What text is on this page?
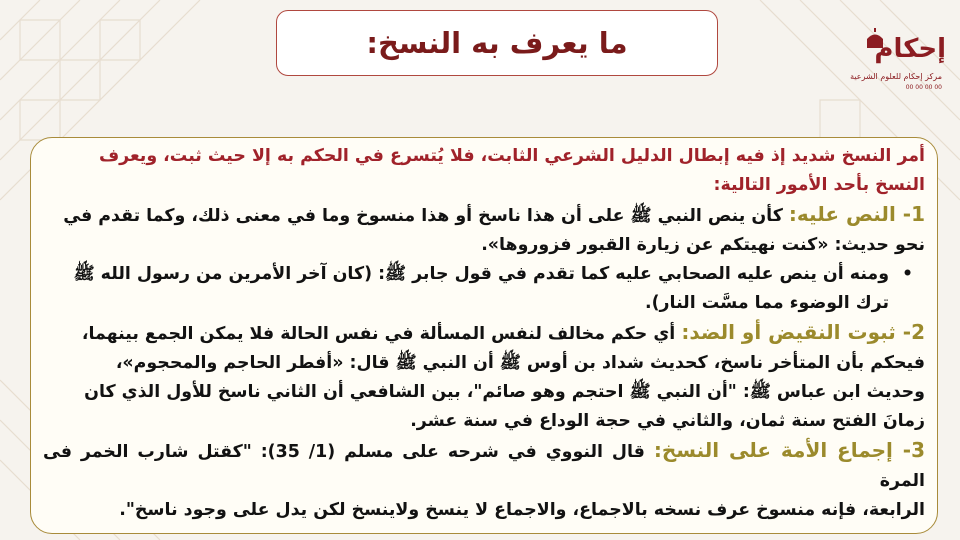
ما يعرف به النسخ:	إحكام
مركز إحكام للعلوم الشرعية
00 00 00 00
أمر النسخ شديد إذ فيه إبطال الدليل الشرعي الثابت، فلا يُتسرع في الحكم به إلا حيث ثبت، ويعرف
النسخ بأحد الأمور التالية:
1- النص عليه: كأن ينص النبي ﷺ على أن هذا ناسخ أو هذا منسوخ وما في معنى ذلك، وكما تقدم في
نحو حديث: «كنت نهيتكم عن زيارة القبور فزوروها».
•
ومنه أن ينص عليه الصحابي عليه كما تقدم في قول جابر ﷺ: (كان آخر الأمرين من رسول الله ﷺ
ترك الوضوء مما مسَّت النار).
2- ثبوت النقيض أو الضد: أي حكم مخالف لنفس المسألة في نفس الحالة فلا يمكن الجمع بينهما،
فيحكم بأن المتأخر ناسخ، كحديث شداد بن أوس ﷺ أن النبي ﷺ قال: «أفطر الحاجم والمحجوم»،
وحديث ابن عباس ﷺ: "أن النبي ﷺ احتجم وهو صائم"، بين الشافعي أن الثاني ناسخ للأول الذي كان
زمانَ الفتح سنة ثمان، والثاني في حجة الوداع في سنة عشر.
3- إجماع الأمة على النسخ: قال النووي في شرحه على مسلم (1/ 35): "كقتل شارب الخمر فى المرة
الرابعة، فإنه منسوخ عرف نسخه بالاجماع، والاجماع لا ينسخ ولاينسخ لكن يدل على وجود ناسخ".
